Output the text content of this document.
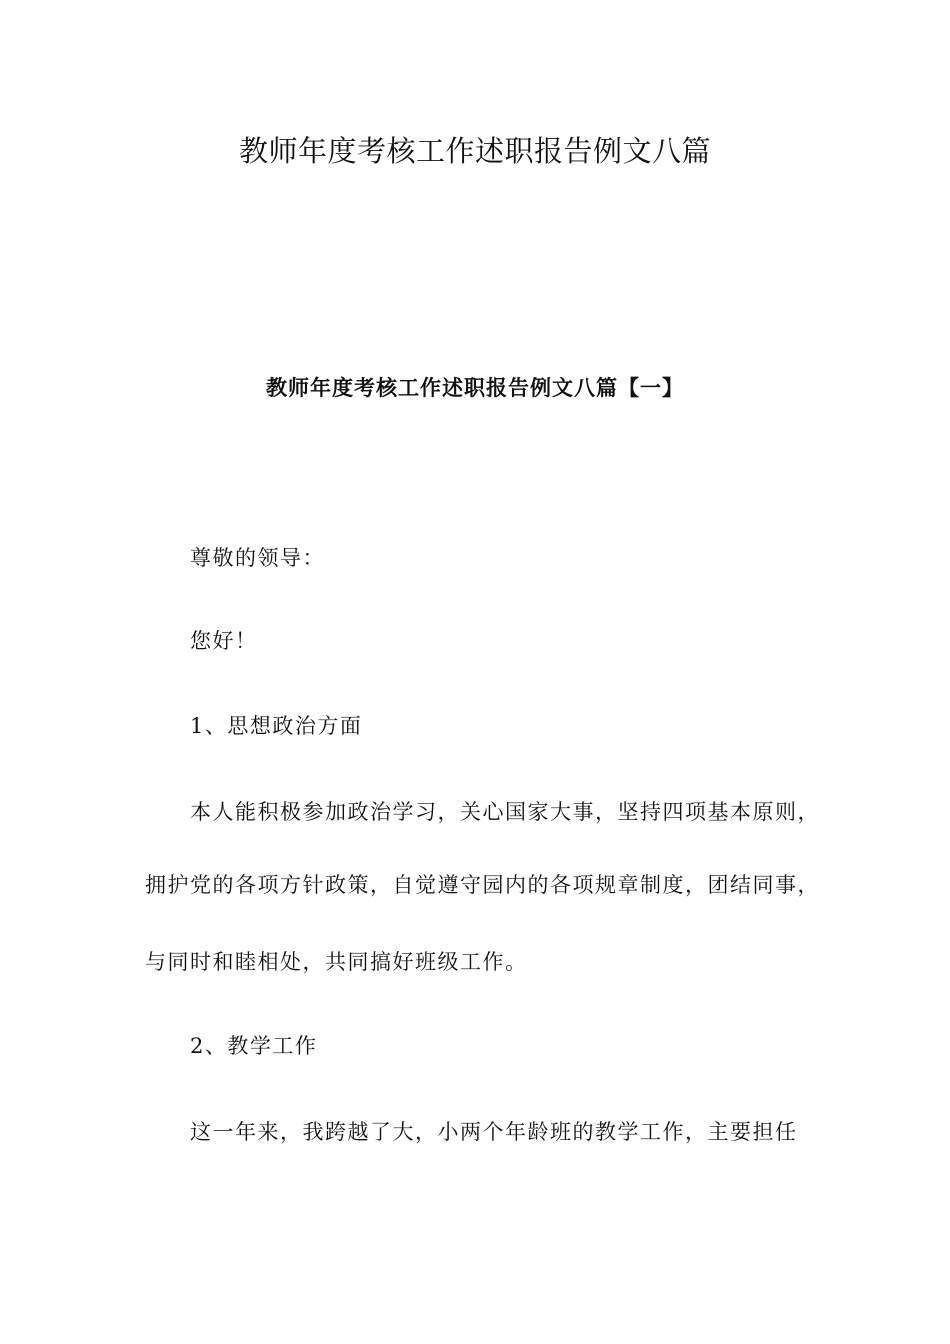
教师年度考核工作述职报告例文八篇
教师年度考核工作述职报告例文八篇【一】
尊敬的领导：
您好！
1、思想政治方面
本人能积极参加政治学习，关心国家大事，坚持四项基本原则，
拥护党的各项方针政策，自觉遵守园内的各项规章制度，团结同事，
与同时和睦相处，共同搞好班级工作。
2、教学工作
这一年来，我跨越了大，小两个年龄班的教学工作，主要担任
